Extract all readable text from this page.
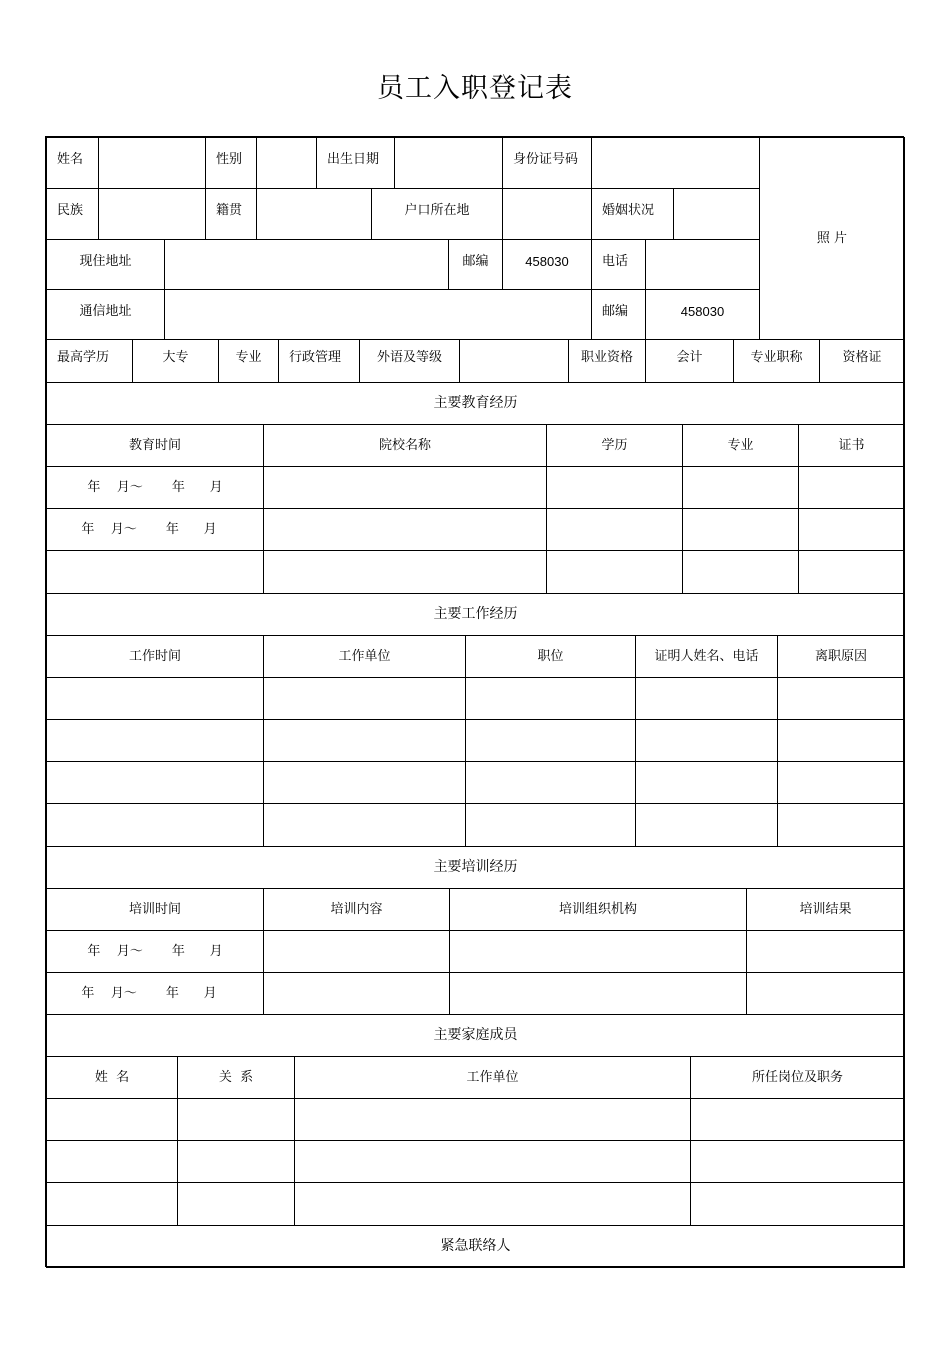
员工入职登记表
姓名	性别	出生日期	身份证号码
照 片
民族	籍贯	户口所在地	婚姻状况
现住地址	邮编	458030	电话
通信地址	邮编	458030
最高学历	大专	专业	行政管理	外语及等级	职业资格	会计	专业职称	资格证
主要教育经历
教育时间	院校名称	学历	专业	证书
年    月～       年      月
年    月～       年      月
主要工作经历
工作时间	工作单位	职位	证明人姓名、电话	离职原因
主要培训经历
培训时间	培训内容	培训组织机构	培训结果
年    月～       年      月
年    月～       年      月
主要家庭成员
姓  名	关  系	工作单位	所任岗位及职务
紧急联络人
